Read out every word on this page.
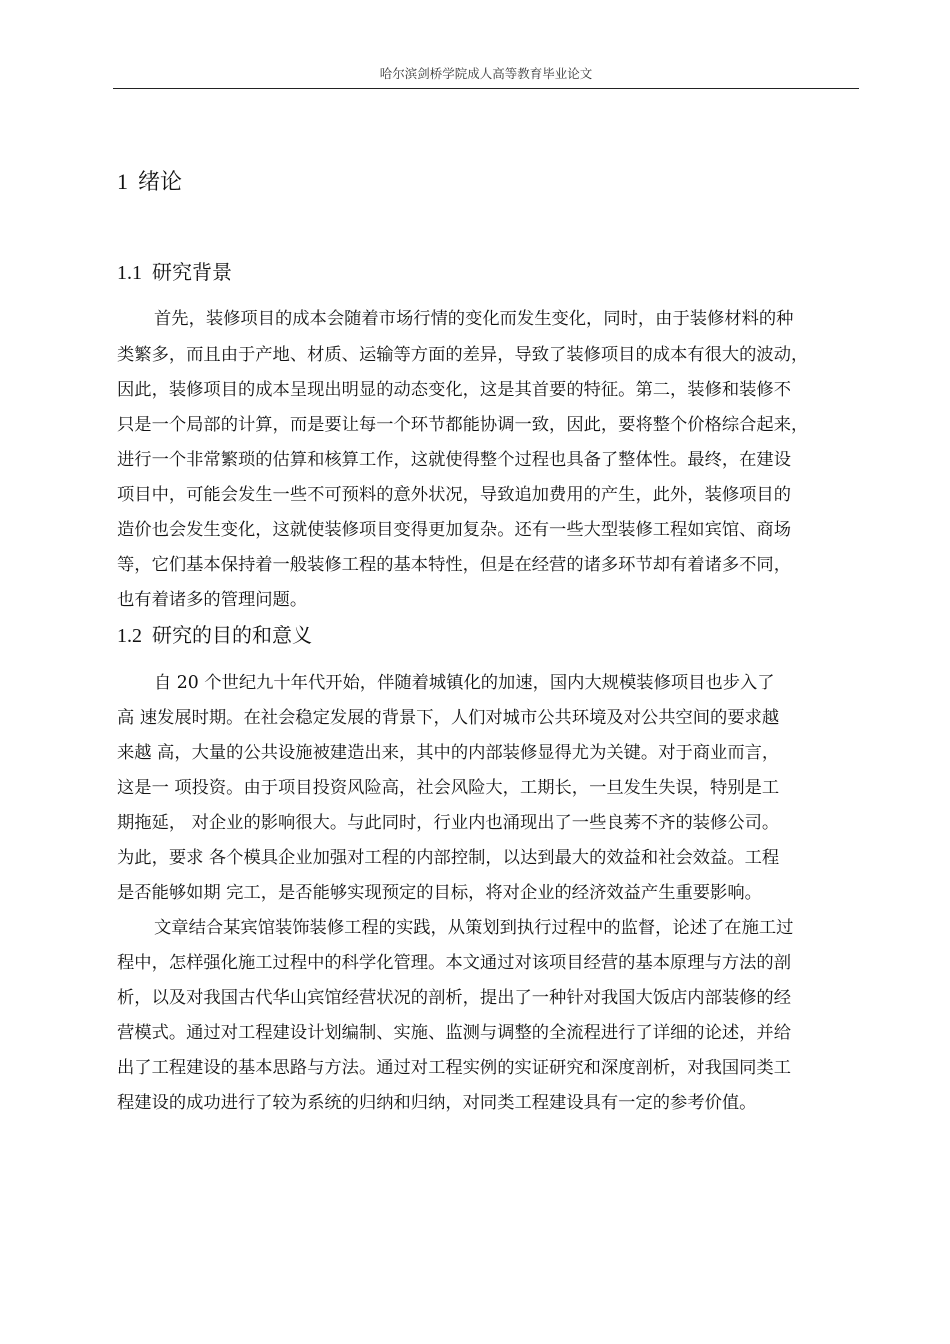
哈尔滨剑桥学院成人高等教育毕业论文
1 绪论
1.1 研究背景
首先，装修项目的成本会随着市场行情的变化而发生变化，同时，由于装修材料的种
类繁多，而且由于产地、材质、运输等方面的差异，导致了装修项目的成本有很大的波动，
因此，装修项目的成本呈现出明显的动态变化，这是其首要的特征。第二，装修和装修不
只是一个局部的计算，而是要让每一个环节都能协调一致，因此，要将整个价格综合起来，
进行一个非常繁琐的估算和核算工作，这就使得整个过程也具备了整体性。最终，在建设
项目中，可能会发生一些不可预料的意外状况，导致追加费用的产生，此外，装修项目的
造价也会发生变化，这就使装修项目变得更加复杂。还有一些大型装修工程如宾馆、商场
等，它们基本保持着一般装修工程的基本特性，但是在经营的诸多环节却有着诸多不同，
也有着诸多的管理问题。
1.2 研究的目的和意义
自 20 个世纪九十年代开始，伴随着城镇化的加速，国内大规模装修项目也步入了
高 速发展时期。在社会稳定发展的背景下，人们对城市公共环境及对公共空间的要求越
来越 高，大量的公共设施被建造出来，其中的内部装修显得尤为关键。对于商业而言，
这是一 项投资。由于项目投资风险高，社会风险大，工期长，一旦发生失误，特别是工
期拖延， 对企业的影响很大。与此同时，行业内也涌现出了一些良莠不齐的装修公司。
为此，要求 各个模具企业加强对工程的内部控制，以达到最大的效益和社会效益。工程
是否能够如期 完工，是否能够实现预定的目标，将对企业的经济效益产生重要影响。
文章结合某宾馆装饰装修工程的实践，从策划到执行过程中的监督，论述了在施工过
程中，怎样强化施工过程中的科学化管理。本文通过对该项目经营的基本原理与方法的剖
析，以及对我国古代华山宾馆经营状况的剖析，提出了一种针对我国大饭店内部装修的经
营模式。通过对工程建设计划编制、实施、监测与调整的全流程进行了详细的论述，并给
出了工程建设的基本思路与方法。通过对工程实例的实证研究和深度剖析，对我国同类工
程建设的成功进行了较为系统的归纳和归纳，对同类工程建设具有一定的参考价值。
